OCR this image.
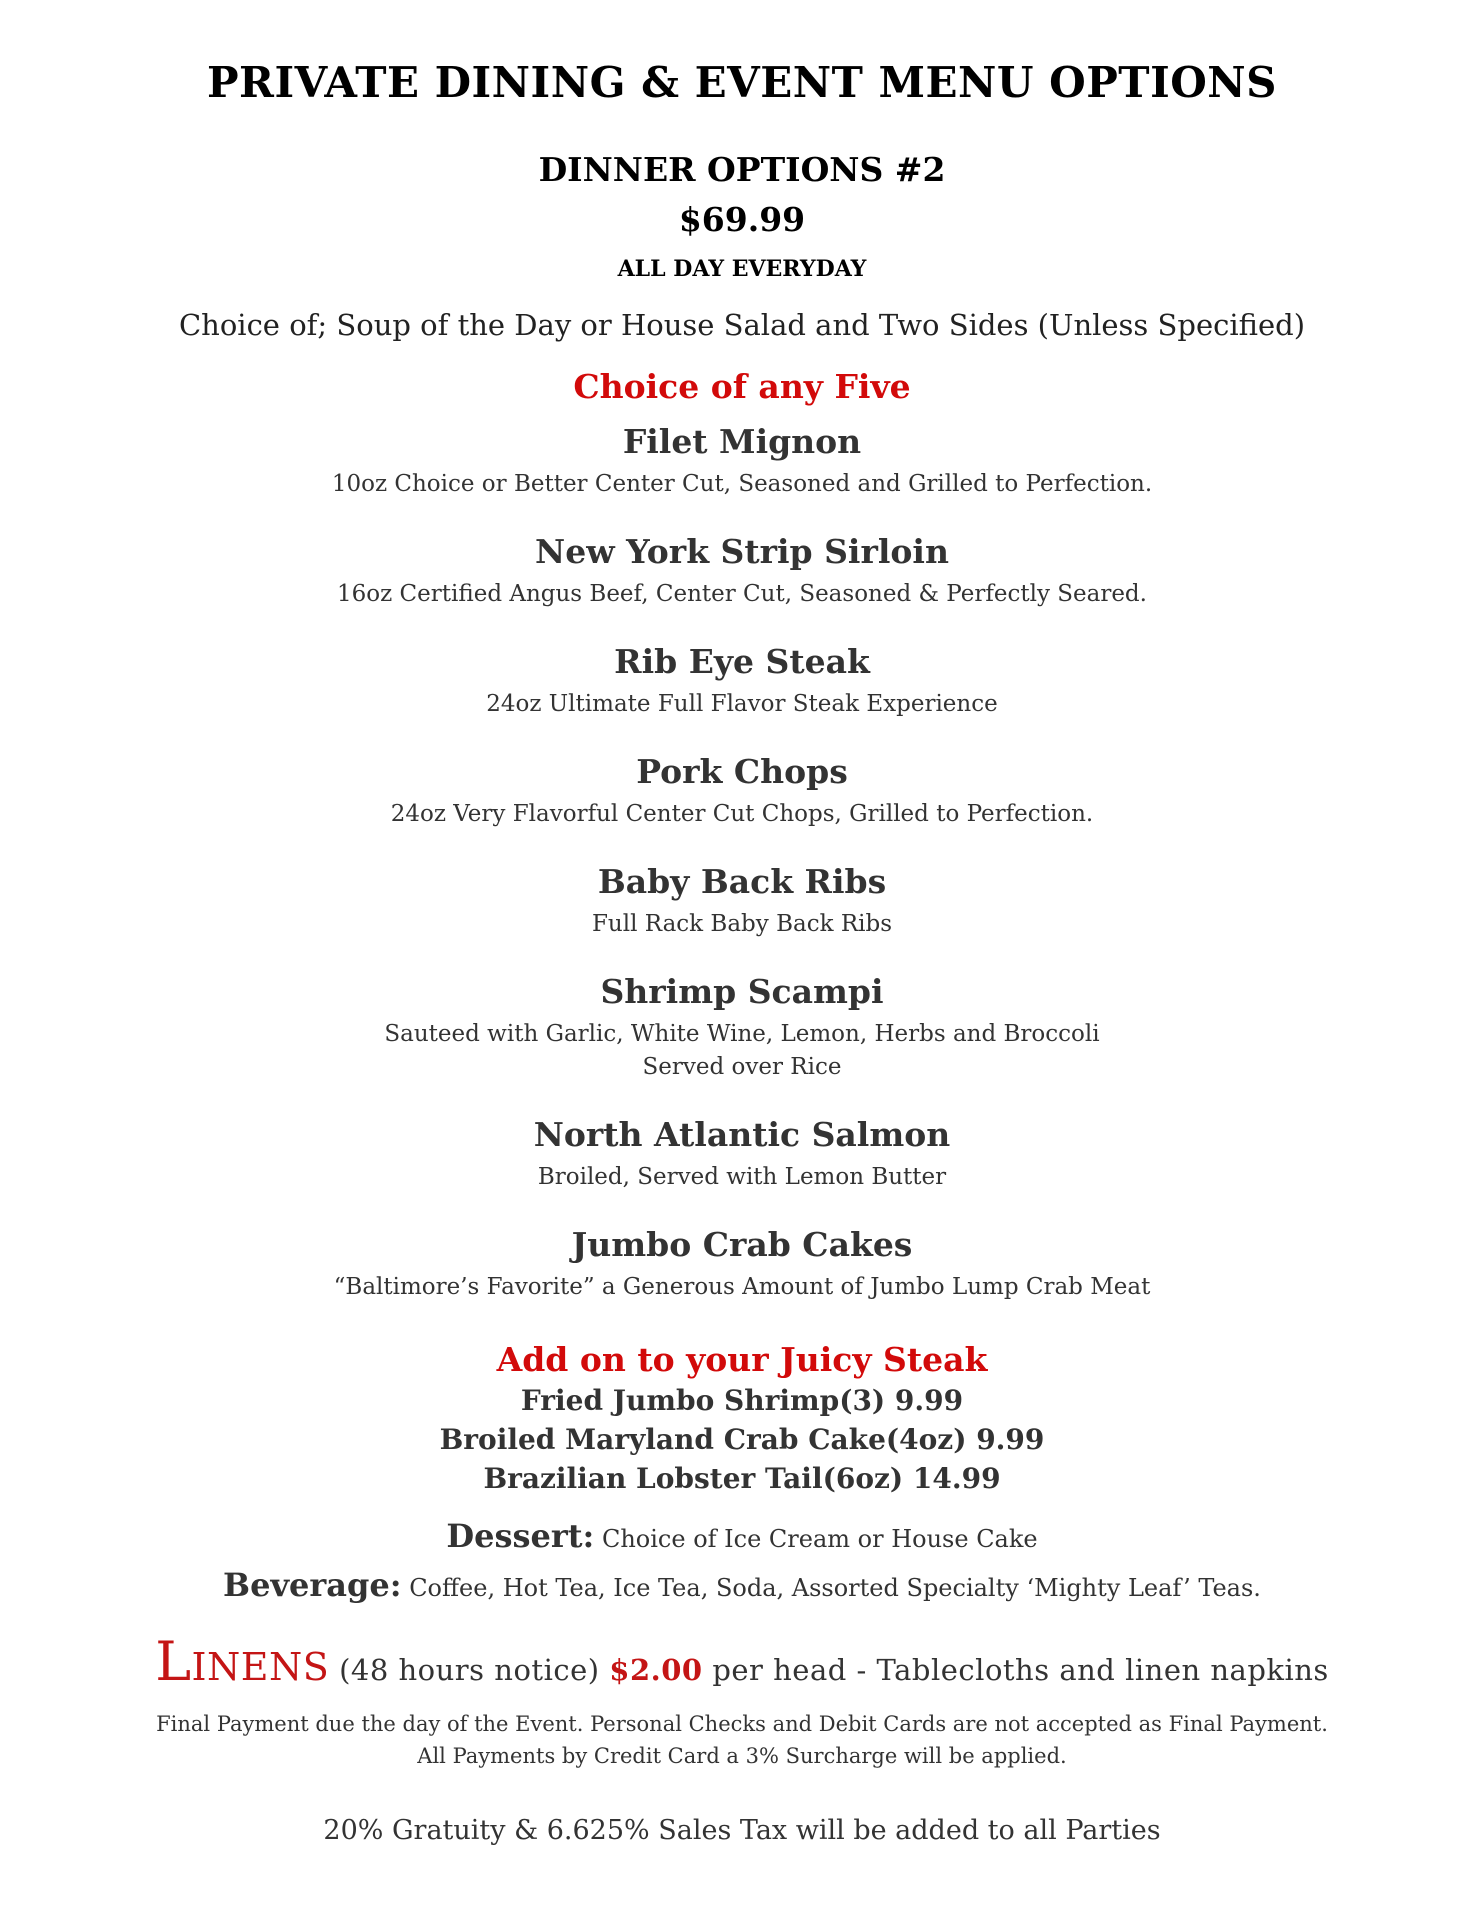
PRIVATE DINING & EVENT MENU OPTIONS
DINNER OPTIONS #2
$69.99
ALL DAY EVERYDAY
Choice of; Soup of the Day or House Salad and Two Sides (Unless Specified)
Choice of any Five
Filet Mignon
10oz Choice or Better Center Cut, Seasoned and Grilled to Perfection.
New York Strip Sirloin
16oz Certified Angus Beef, Center Cut, Seasoned & Perfectly Seared.
Rib Eye Steak
24oz Ultimate Full Flavor Steak Experience
Pork Chops
24oz Very Flavorful Center Cut Chops, Grilled to Perfection.
Baby Back Ribs
Full Rack Baby Back Ribs
Shrimp Scampi
Sauteed with Garlic, White Wine, Lemon, Herbs and Broccoli
Served over Rice
North Atlantic Salmon
Broiled, Served with Lemon Butter
Jumbo Crab Cakes
“Baltimore’s Favorite” a Generous Amount of Jumbo Lump Crab Meat
Add on to your Juicy Steak
Fried Jumbo Shrimp(3) 9.99
Broiled Maryland Crab Cake(4oz) 9.99
Brazilian Lobster Tail(6oz) 14.99
Dessert: Choice of Ice Cream or House Cake
Beverage: Coffee, Hot Tea, Ice Tea, Soda, Assorted Specialty ‘Mighty Leaf’ Teas.
LINENS (48 hours notice) $2.00 per head - Tablecloths and linen napkins
Final Payment due the day of the Event. Personal Checks and Debit Cards are not accepted as Final Payment.
All Payments by Credit Card a 3% Surcharge will be applied.
20% Gratuity & 6.625% Sales Tax will be added to all Parties
